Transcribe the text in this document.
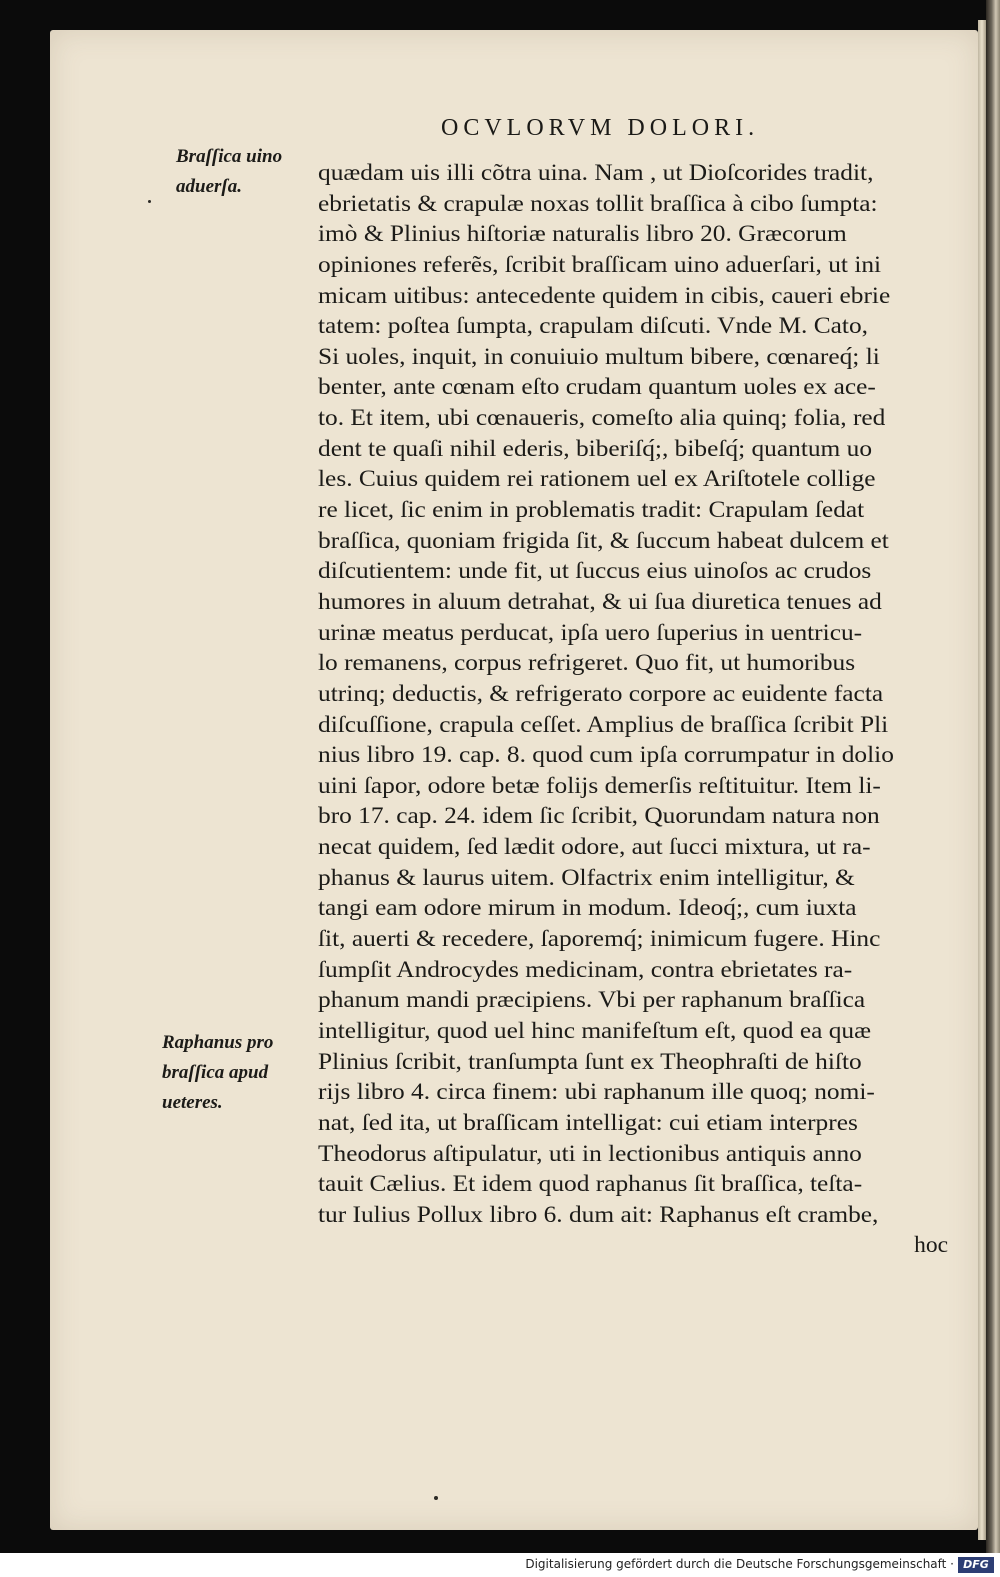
OCVLORVM DOLORI.
Braſſica uino
aduerſa.
Raphanus pro
braſſica apud
ueteres.
quædam uis illi cõtra uina. Nam , ut Dioſcorides tradit,
ebrietatis & crapulæ noxas tollit braſſica à cibo ſumpta:
imò & Plinius hiſtoriæ naturalis libro 20. Græcorum
opiniones referẽs, ſcribit braſſicam uino aduerſari, ut ini
micam uitibus: antecedente quidem in cibis, caueri ebrie
tatem: poſtea ſumpta, crapulam diſcuti. Vnde M. Cato,
Si uoles, inquit, in conuiuio multum bibere, cœnareq́; li
benter, ante cœnam eſto crudam quantum uoles ex ace-
to. Et item, ubi cœnaueris, comeſto alia quinq; folia, red
dent te quaſi nihil ederis, biberiſq́;, bibeſq́; quantum uo
les. Cuius quidem rei rationem uel ex Ariſtotele collige
re licet, ſic enim in problematis tradit: Crapulam ſedat
braſſica, quoniam frigida ſit, & ſuccum habeat dulcem et
diſcutientem: unde fit, ut ſuccus eius uinoſos ac crudos
humores in aluum detrahat, & ui ſua diuretica tenues ad
urinæ meatus perducat, ipſa uero ſuperius in uentricu-
lo remanens, corpus refrigeret. Quo fit, ut humoribus
utrinq; deductis, & refrigerato corpore ac euidente facta
diſcuſſione, crapula ceſſet. Amplius de braſſica ſcribit Pli
nius libro 19. cap. 8. quod cum ipſa corrumpatur in dolio
uini ſapor, odore betæ folijs demerſis reſtituitur. Item li-
bro 17. cap. 24. idem ſic ſcribit, Quorundam natura non
necat quidem, ſed lædit odore, aut ſucci mixtura, ut ra-
phanus & laurus uitem. Olfactrix enim intelligitur, &
tangi eam odore mirum in modum. Ideoq́;, cum iuxta
ſit, auerti & recedere, ſaporemq́; inimicum fugere. Hinc
ſumpſit Androcydes medicinam, contra ebrietates ra-
phanum mandi præcipiens. Vbi per raphanum braſſica
intelligitur, quod uel hinc manifeſtum eſt, quod ea quæ
Plinius ſcribit, tranſumpta ſunt ex Theophraſti de hiſto
rijs libro 4. circa finem: ubi raphanum ille quoq; nomi-
nat, ſed ita, ut braſſicam intelligat: cui etiam interpres
Theodorus aſtipulatur, uti in lectionibus antiquis anno
tauit Cælius. Et idem quod raphanus ſit braſſica, teſta-
tur Iulius Pollux libro 6. dum ait: Raphanus eſt crambe,
hoc
Digitalisierung gefördert durch die Deutsche Forschungsgemeinschaft · DFG
